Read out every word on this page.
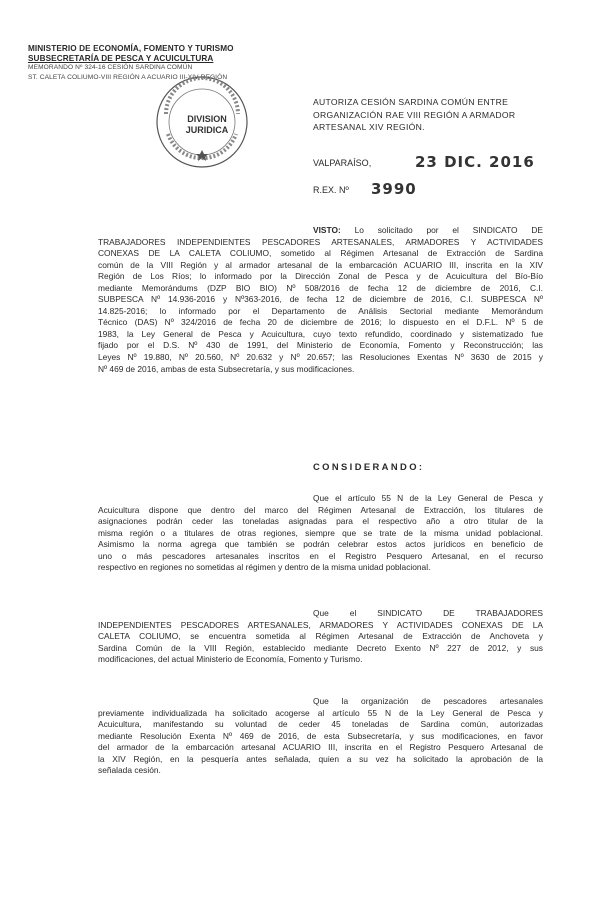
MINISTERIO DE ECONOMÍA, FOMENTO Y TURISMO
SUBSECRETARÍA DE PESCA Y ACUICULTURA
MEMORANDO Nº 324-16 CESIÓN SARDINA COMÚN
ST. CALETA COLIUMO-VIII REGIÓN A ACUARIO III-XIV REGIÓN
DIVISION
JURIDICA
AUTORIZA CESIÓN SARDINA COMÚN ENTRE
ORGANIZACIÓN RAE VIII REGIÓN A ARMADOR
ARTESANAL XIV REGIÓN.
VALPARAÍSO,	23 DIC. 2016
R.EX. Nº 3990
VISTO: Lo solicitado por el SINDICATO DE
TRABAJADORES INDEPENDIENTES PESCADORES ARTESANALES, ARMADORES Y ACTIVIDADES
CONEXAS DE LA CALETA COLIUMO, sometido al Régimen Artesanal de Extracción de Sardina
común de la VIII Región y al armador artesanal de la embarcación ACUARIO III, inscrita en la XIV
Región de Los Ríos; lo informado por la Dirección Zonal de Pesca y de Acuicultura del Bío-Bío
mediante Memorándums (DZP BIO BIO) Nº 508/2016 de fecha 12 de diciembre de 2016, C.I.
SUBPESCA Nº 14.936-2016 y Nº363-2016, de fecha 12 de diciembre de 2016, C.I. SUBPESCA Nº
14.825-2016; lo informado por el Departamento de Análisis Sectorial mediante Memorándum
Técnico (DAS) Nº 324/2016 de fecha 20 de diciembre de 2016; lo dispuesto en el D.F.L. Nº 5 de
1983, la Ley General de Pesca y Acuicultura, cuyo texto refundido, coordinado y sistematizado fue
fijado por el D.S. Nº 430 de 1991, del Ministerio de Economía, Fomento y Reconstrucción; las
Leyes Nº 19.880, Nº 20.560, Nº 20.632 y Nº 20.657; las Resoluciones Exentas Nº 3630 de 2015 y
Nº 469 de 2016, ambas de esta Subsecretaría, y sus modificaciones.
CONSIDERANDO:
Que el artículo 55 N de la Ley General de Pesca y
Acuicultura dispone que dentro del marco del Régimen Artesanal de Extracción, los titulares de
asignaciones podrán ceder las toneladas asignadas para el respectivo año a otro titular de la
misma región o a titulares de otras regiones, siempre que se trate de la misma unidad poblacional.
Asimismo la norma agrega que también se podrán celebrar estos actos jurídicos en beneficio de
uno o más pescadores artesanales inscritos en el Registro Pesquero Artesanal, en el recurso
respectivo en regiones no sometidas al régimen y dentro de la misma unidad poblacional.
Que el SINDICATO DE TRABAJADORES
INDEPENDIENTES PESCADORES ARTESANALES, ARMADORES Y ACTIVIDADES CONEXAS DE LA
CALETA COLIUMO, se encuentra sometida al Régimen Artesanal de Extracción de Anchoveta y
Sardina Común de la VIII Región, establecido mediante Decreto Exento Nº 227 de 2012, y sus
modificaciones, del actual Ministerio de Economía, Fomento y Turismo.
Que la organización de pescadores artesanales
previamente individualizada ha solicitado acogerse al artículo 55 N de la Ley General de Pesca y
Acuicultura, manifestando su voluntad de ceder 45 toneladas de Sardina común, autorizadas
mediante Resolución Exenta Nº 469 de 2016, de esta Subsecretaría, y sus modificaciones, en favor
del armador de la embarcación artesanal ACUARIO III, inscrita en el Registro Pesquero Artesanal de
la XIV Región, en la pesquería antes señalada, quien a su vez ha solicitado la aprobación de la
señalada cesión.
